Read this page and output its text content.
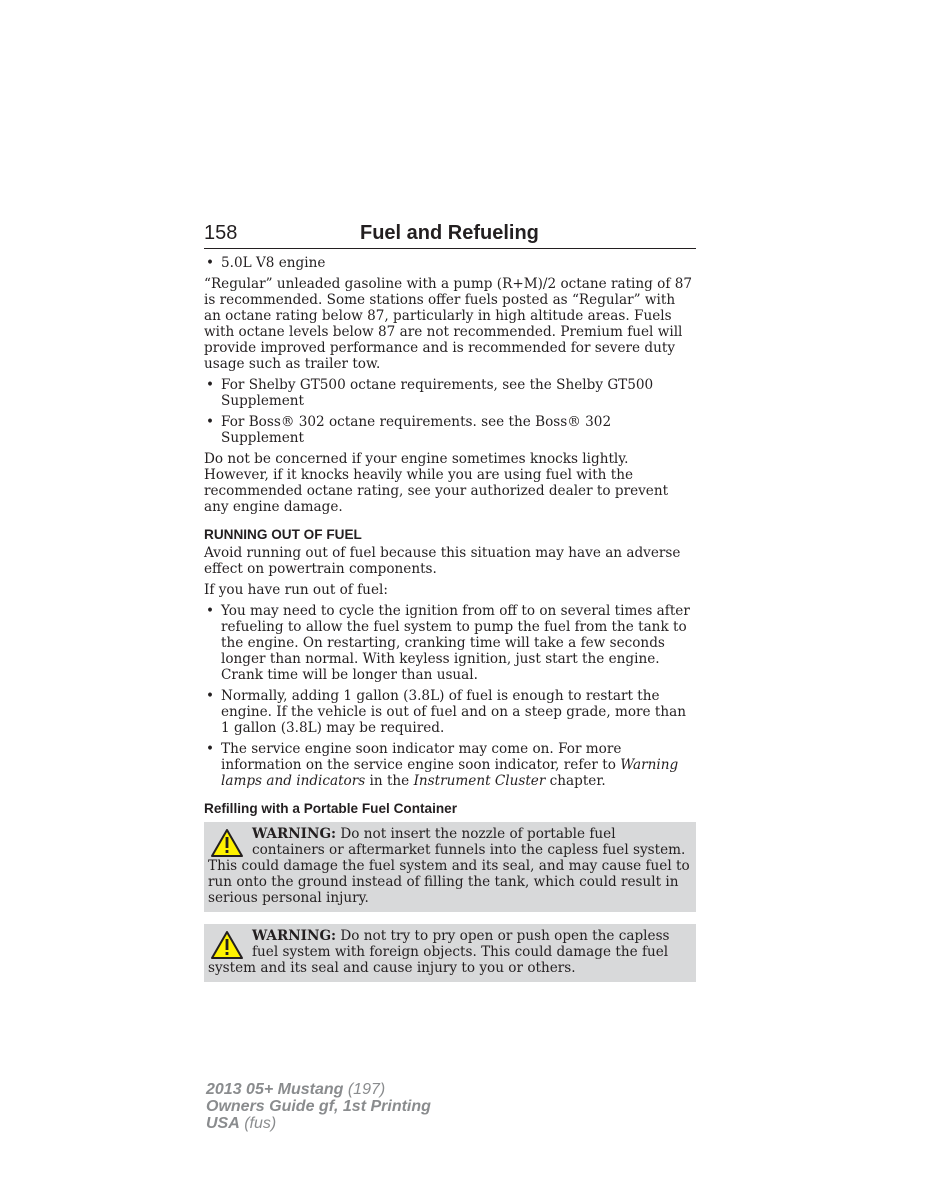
158	Fuel and Refueling
• 5.0L V8 engine

“Regular” unleaded gasoline with a pump (R+M)/2 octane rating of 87 is recommended. Some stations offer fuels posted as “Regular” with an octane rating below 87, particularly in high altitude areas. Fuels with octane levels below 87 are not recommended. Premium fuel will provide improved performance and is recommended for severe duty usage such as trailer tow.

• For Shelby GT500 octane requirements, see the Shelby GT500 Supplement
• For Boss® 302 octane requirements. see the Boss® 302 Supplement

Do not be concerned if your engine sometimes knocks lightly. However, if it knocks heavily while you are using fuel with the recommended octane rating, see your authorized dealer to prevent any engine damage.

RUNNING OUT OF FUEL

Avoid running out of fuel because this situation may have an adverse effect on powertrain components.

If you have run out of fuel:

• You may need to cycle the ignition from off to on several times after refueling to allow the fuel system to pump the fuel from the tank to the engine. On restarting, cranking time will take a few seconds longer than normal. With keyless ignition, just start the engine. Crank time will be longer than usual.
• Normally, adding 1 gallon (3.8L) of fuel is enough to restart the engine. If the vehicle is out of fuel and on a steep grade, more than 1 gallon (3.8L) may be required.
• The service engine soon indicator may come on. For more information on the service engine soon indicator, refer to Warning lamps and indicators in the Instrument Cluster chapter.
Refilling with a Portable Fuel Container
WARNING: Do not insert the nozzle of portable fuel containers or aftermarket funnels into the capless fuel system. This could damage the fuel system and its seal, and may cause fuel to run onto the ground instead of filling the tank, which could result in serious personal injury.
WARNING: Do not try to pry open or push open the capless fuel system with foreign objects. This could damage the fuel system and its seal and cause injury to you or others.
2013 05+ Mustang (197)
Owners Guide gf, 1st Printing
USA (fus)
